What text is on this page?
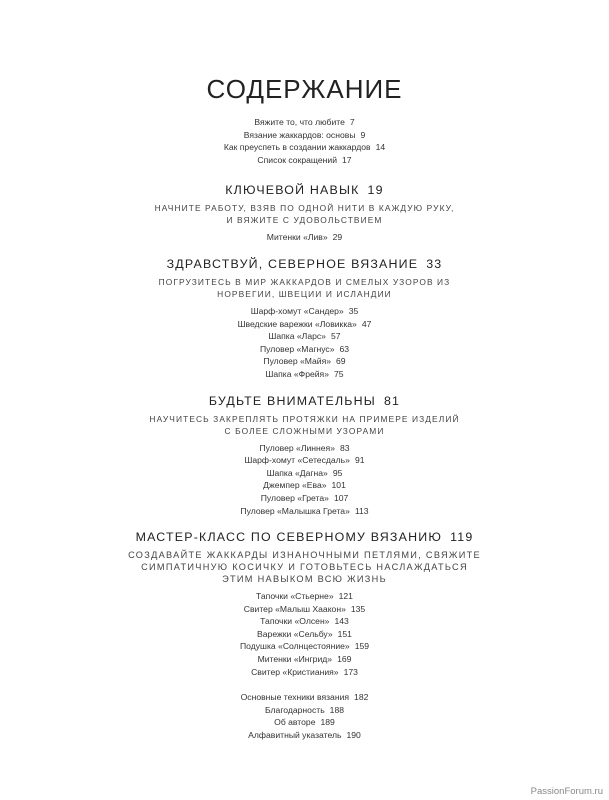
СОДЕРЖАНИЕ
Вяжите то, что любите 7
Вязание жаккардов: основы 9
Как преуспеть в создании жаккардов 14
Список сокращений 17
КЛЮЧЕВОЙ НАВЫК 19
НАЧНИТЕ РАБОТУ, ВЗЯВ ПО ОДНОЙ НИТИ В КАЖДУЮ РУКУ,
И ВЯЖИТЕ С УДОВОЛЬСТВИЕМ
Митенки «Лив» 29
ЗДРАВСТВУЙ, СЕВЕРНОЕ ВЯЗАНИЕ 33
ПОГРУЗИТЕСЬ В МИР ЖАККАРДОВ И СМЕЛЫХ УЗОРОВ ИЗ
НОРВЕГИИ, ШВЕЦИИ И ИСЛАНДИИ
Шарф-хомут «Сандер» 35
Шведские варежки «Ловикка» 47
Шапка «Ларс» 57
Пуловер «Магнус» 63
Пуловер «Майя» 69
Шапка «Фрейя» 75
БУДЬТЕ ВНИМАТЕЛЬНЫ 81
НАУЧИТЕСЬ ЗАКРЕПЛЯТЬ ПРОТЯЖКИ НА ПРИМЕРЕ ИЗДЕЛИЙ
С БОЛЕЕ СЛОЖНЫМИ УЗОРАМИ
Пуловер «Линнея» 83
Шарф-хомут «Сетесдаль» 91
Шапка «Дагна» 95
Джемпер «Ева» 101
Пуловер «Грета» 107
Пуловер «Малышка Грета» 113
МАСТЕР-КЛАСС ПО СЕВЕРНОМУ ВЯЗАНИЮ 119
СОЗДАВАЙТЕ ЖАККАРДЫ ИЗНАНОЧНЫМИ ПЕТЛЯМИ, СВЯЖИТЕ
СИМПАТИЧНУЮ КОСИЧКУ И ГОТОВЬТЕСЬ НАСЛАЖДАТЬСЯ
ЭТИМ НАВЫКОМ ВСЮ ЖИЗНЬ
Тапочки «Стьерне» 121
Свитер «Малыш Хаакон» 135
Тапочки «Олсен» 143
Варежки «Сельбу» 151
Подушка «Солнцестояние» 159
Митенки «Ингрид» 169
Свитер «Кристиания» 173
Основные техники вязания 182
Благодарность 188
Об авторе 189
Алфавитный указатель 190
PassionForum.ru
